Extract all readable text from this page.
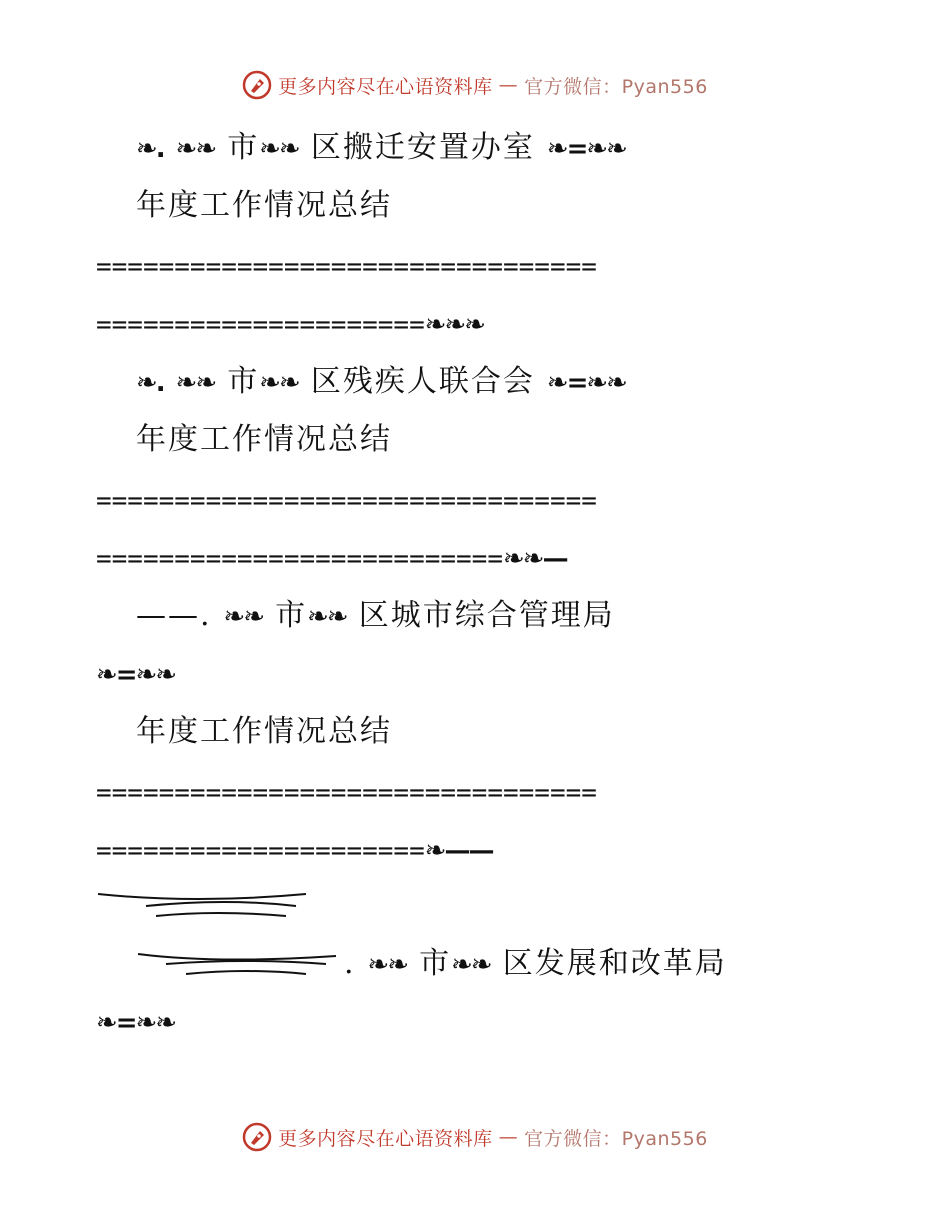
更多内容尽在心语资料库 — 官方微信：Pyan556
❧. ❧❧ 市❧❧ 区搬迁安置办室 ❧=❧❧
年度工作情况总结
================================
=====================❧❧❧
❧. ❧❧ 市❧❧ 区残疾人联合会 ❧=❧❧
年度工作情况总结
================================
==========================❧❧—
——. ❧❧ 市❧❧ 区城市综合管理局
❧=❧❧
年度工作情况总结
================================
=====================❧——
. ❧❧ 市❧❧ 区发展和改革局
❧=❧❧
更多内容尽在心语资料库 — 官方微信：Pyan556
